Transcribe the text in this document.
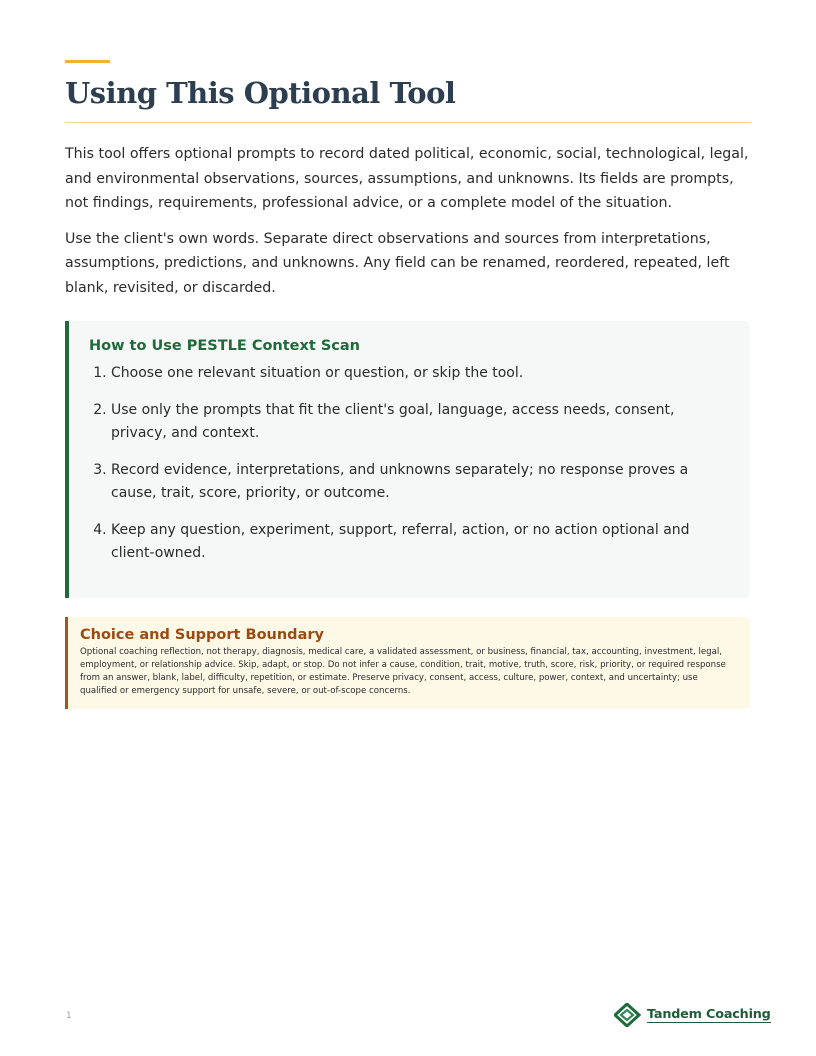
Using This Optional Tool

This tool offers optional prompts to record dated political, economic, social, technological, legal, and environmental observations, sources, assumptions, and unknowns. Its fields are prompts, not findings, requirements, professional advice, or a complete model of the situation.

Use the client's own words. Separate direct observations and sources from interpretations, assumptions, predictions, and unknowns. Any field can be renamed, reordered, repeated, left blank, revisited, or discarded.

How to Use PESTLE Context Scan
1. Choose one relevant situation or question, or skip the tool.
2. Use only the prompts that fit the client's goal, language, access needs, consent, privacy, and context.
3. Record evidence, interpretations, and unknowns separately; no response proves a cause, trait, score, priority, or outcome.
4. Keep any question, experiment, support, referral, action, or no action optional and client-owned.
Choice and Support Boundary

Optional coaching reflection, not therapy, diagnosis, medical care, a validated assessment, or business, financial, tax, accounting, investment, legal, employment, or relationship advice. Skip, adapt, or stop. Do not infer a cause, condition, trait, motive, truth, score, risk, priority, or required response from an answer, blank, label, difficulty, repetition, or estimate. Preserve privacy, consent, access, culture, power, context, and uncertainty; use qualified or emergency support for unsafe, severe, or out-of-scope concerns.

1	Tandem Coaching
